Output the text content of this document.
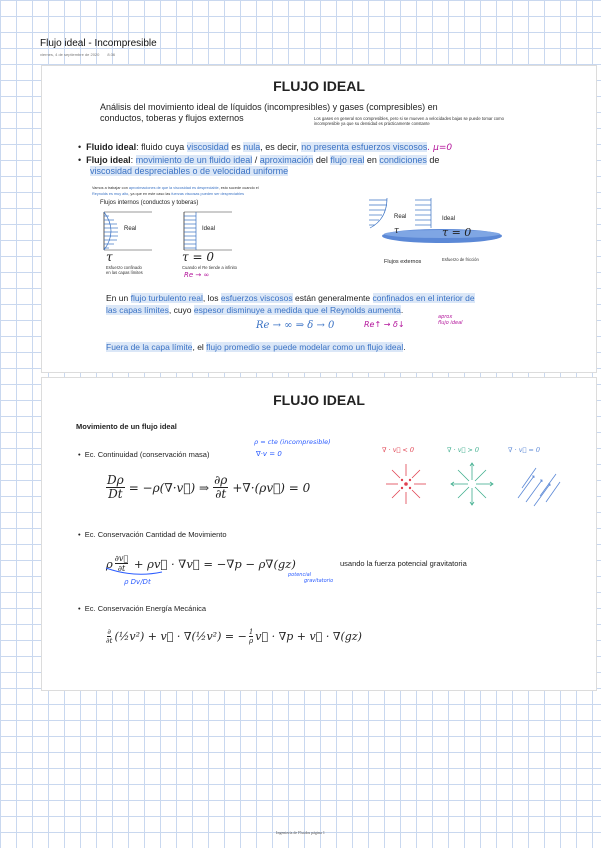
Flujo ideal - Incompresible
viernes, 4 de septiembre de 2020 8:36
FLUJO IDEAL
Análisis del movimiento ideal de líquidos (incompresibles) y gases (compresibles) en
conductos, toberas y flujos externos	Los gases en general son compresibles, pero si se mueven a velocidades bajas se puede tomar como
incompresible ya que su densidad es prácticamente constante
•  Fluido ideal: fluido cuya viscosidad es nula, es decir, no presenta esfuerzos viscosos. μ=0
•  Flujo ideal: movimiento de un fluido ideal / aproximación del flujo real en condiciones de
viscosidad despreciables o de velocidad uniforme
Vamos a trabajar con aproximaciones de que la viscosidad es despreciable, esto sucede cuando el
Reynolds es muy alto, ya que en este caso las fuerzas viscosas pueden ser despreciables
Flujos internos (conductos y toberas)
Real	Ideal
τ	τ = 0
Esfuerzo confinado
en las capas límites
Cuando el Re tiende a infinito
Re → ∞
Real	Ideal
τ	τ = 0
Flujos externos	Esfuerzo de fricción
En un flujo turbulento real, los esfuerzos viscosos están generalmente confinados en el interior de
las capas límites, cuyo espesor disminuye a medida que el Reynolds aumenta.
Re → ∞ ⇒ δ → 0	Re↑ → δ↓
aprox
flujo ideal
Fuera de la capa límite, el flujo promedio se puede modelar como un flujo ideal.
FLUJO IDEAL
Movimiento de un flujo ideal
•  Ec. Continuidad (conservación masa)
ρ = cte (incompresible)
∇·v = 0
$\frac{D\rho}{Dt}$ = −ρ(∇·v⃗) ⇒
∂ρ
∂t +∇·(ρv⃗) = 0
∇ · v⃗ < 0	∇ · v⃗ > 0	∇ · v⃗ = 0
•  Ec. Conservación Cantidad de Movimiento
ρ ∂v⃗
∂t + ρv⃗ · ∇v⃗ = −∇p − ρ∇(gz)	usando la fuerza potencial gravitatoria
ρ Dv/Dt
potencial
gravitatorio
•  Ec. Conservación Energía Mecánica
∂
∂t (½v²) + v⃗ · ∇(½v²) = − $\frac{1}{\rho}$ v⃗ · ∇p + v⃗ · ∇(gz)
Ingeniería de Fluidos página 1
